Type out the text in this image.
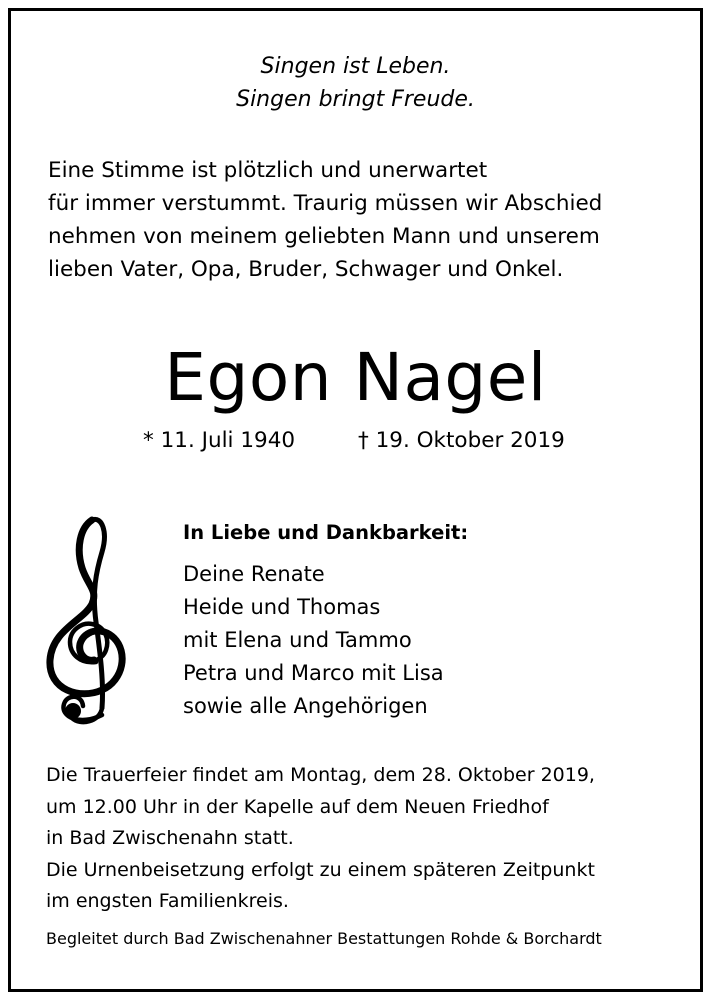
Singen ist Leben.
Singen bringt Freude.
Eine Stimme ist plötzlich und unerwartet
für immer verstummt. Traurig müssen wir Abschied
nehmen von meinem geliebten Mann und unserem
lieben Vater, Opa, Bruder, Schwager und Onkel.
Egon Nagel
* 11. Juli 1940	† 19. Oktober 2019
In Liebe und Dankbarkeit:
Deine Renate
Heide und Thomas
mit Elena und Tammo
Petra und Marco mit Lisa
sowie alle Angehörigen
Die Trauerfeier findet am Montag, dem 28. Oktober 2019,
um 12.00 Uhr in der Kapelle auf dem Neuen Friedhof
in Bad Zwischenahn statt.
Die Urnenbeisetzung erfolgt zu einem späteren Zeitpunkt
im engsten Familienkreis.
Begleitet durch Bad Zwischenahner Bestattungen Rohde & Borchardt
